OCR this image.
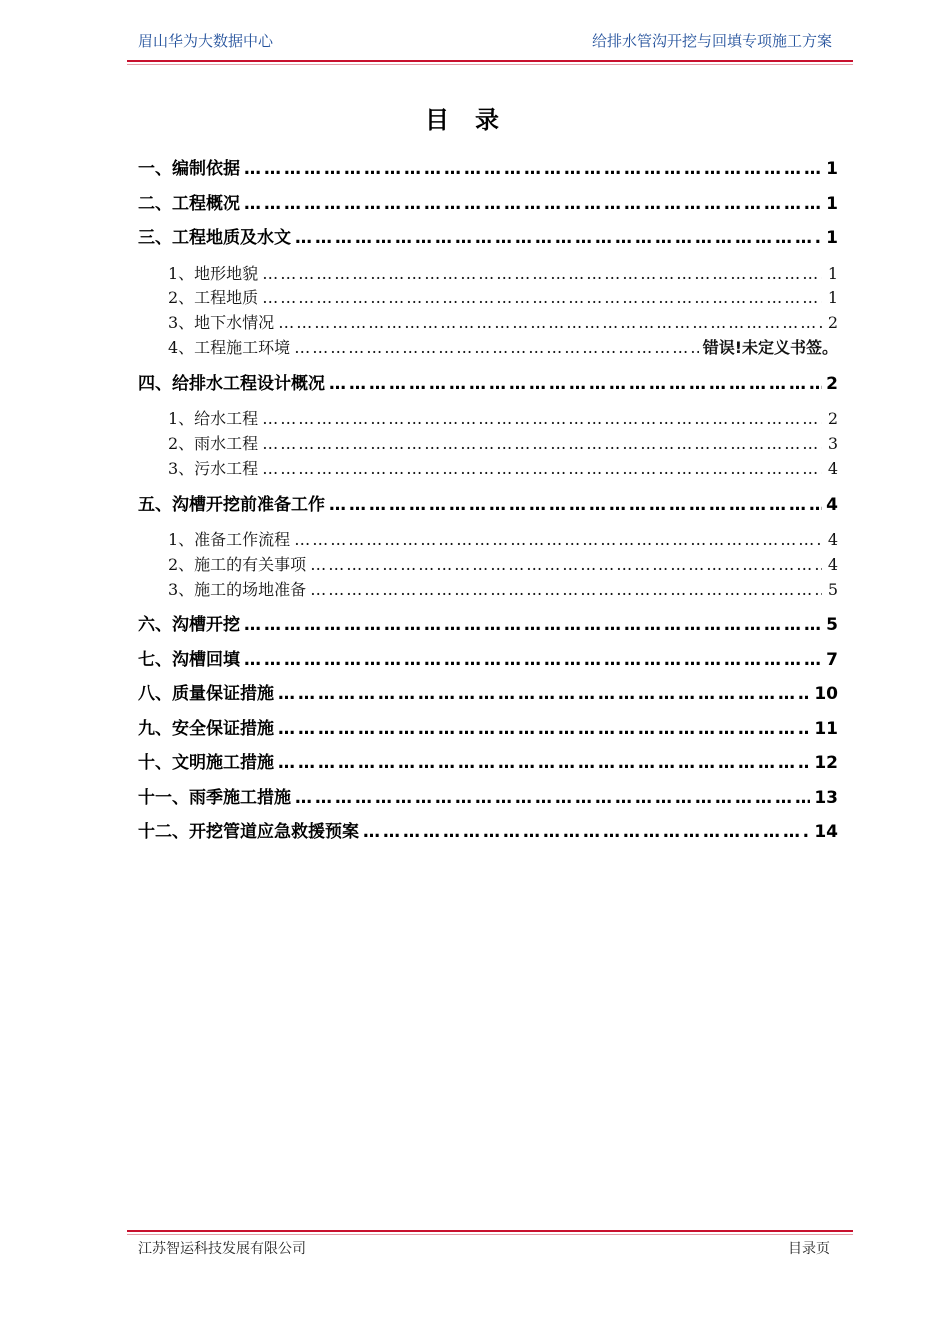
眉山华为大数据中心	给排水管沟开挖与回填专项施工方案
目录
一、编制依据 …………………………………………………………………………………………………………………………………………………………………………………………	1
二、工程概况 …………………………………………………………………………………………………………………………………………………………………………………………	1
三、工程地质及水文 …………………………………………………………………………………………………………………………………………………………………………………………	1
1、地形地貌 …………………………………………………………………………………………………………………………………………………………………………………………	1
2、工程地质 …………………………………………………………………………………………………………………………………………………………………………………………	1
3、地下水情况 …………………………………………………………………………………………………………………………………………………………………………………………	2
4、工程施工环境 …………………………………………………………………………………………………………………………………………………………………………………………	错误!未定义书签。
四、给排水工程设计概况 …………………………………………………………………………………………………………………………………………………………………………………………	2
1、给水工程 …………………………………………………………………………………………………………………………………………………………………………………………	2
2、雨水工程 …………………………………………………………………………………………………………………………………………………………………………………………	3
3、污水工程 …………………………………………………………………………………………………………………………………………………………………………………………	4
五、沟槽开挖前准备工作 …………………………………………………………………………………………………………………………………………………………………………………………	4
1、准备工作流程 …………………………………………………………………………………………………………………………………………………………………………………………	4
2、施工的有关事项 …………………………………………………………………………………………………………………………………………………………………………………………	4
3、施工的场地准备 …………………………………………………………………………………………………………………………………………………………………………………………	5
六、沟槽开挖 …………………………………………………………………………………………………………………………………………………………………………………………	5
七、沟槽回填 …………………………………………………………………………………………………………………………………………………………………………………………	7
八、质量保证措施 …………………………………………………………………………………………………………………………………………………………………………………………	10
九、安全保证措施 …………………………………………………………………………………………………………………………………………………………………………………………	11
十、文明施工措施 …………………………………………………………………………………………………………………………………………………………………………………………	12
十一、雨季施工措施 …………………………………………………………………………………………………………………………………………………………………………………………	13
十二、开挖管道应急救援预案 …………………………………………………………………………………………………………………………………………………………………………………………	14
江苏智运科技发展有限公司	目录页
